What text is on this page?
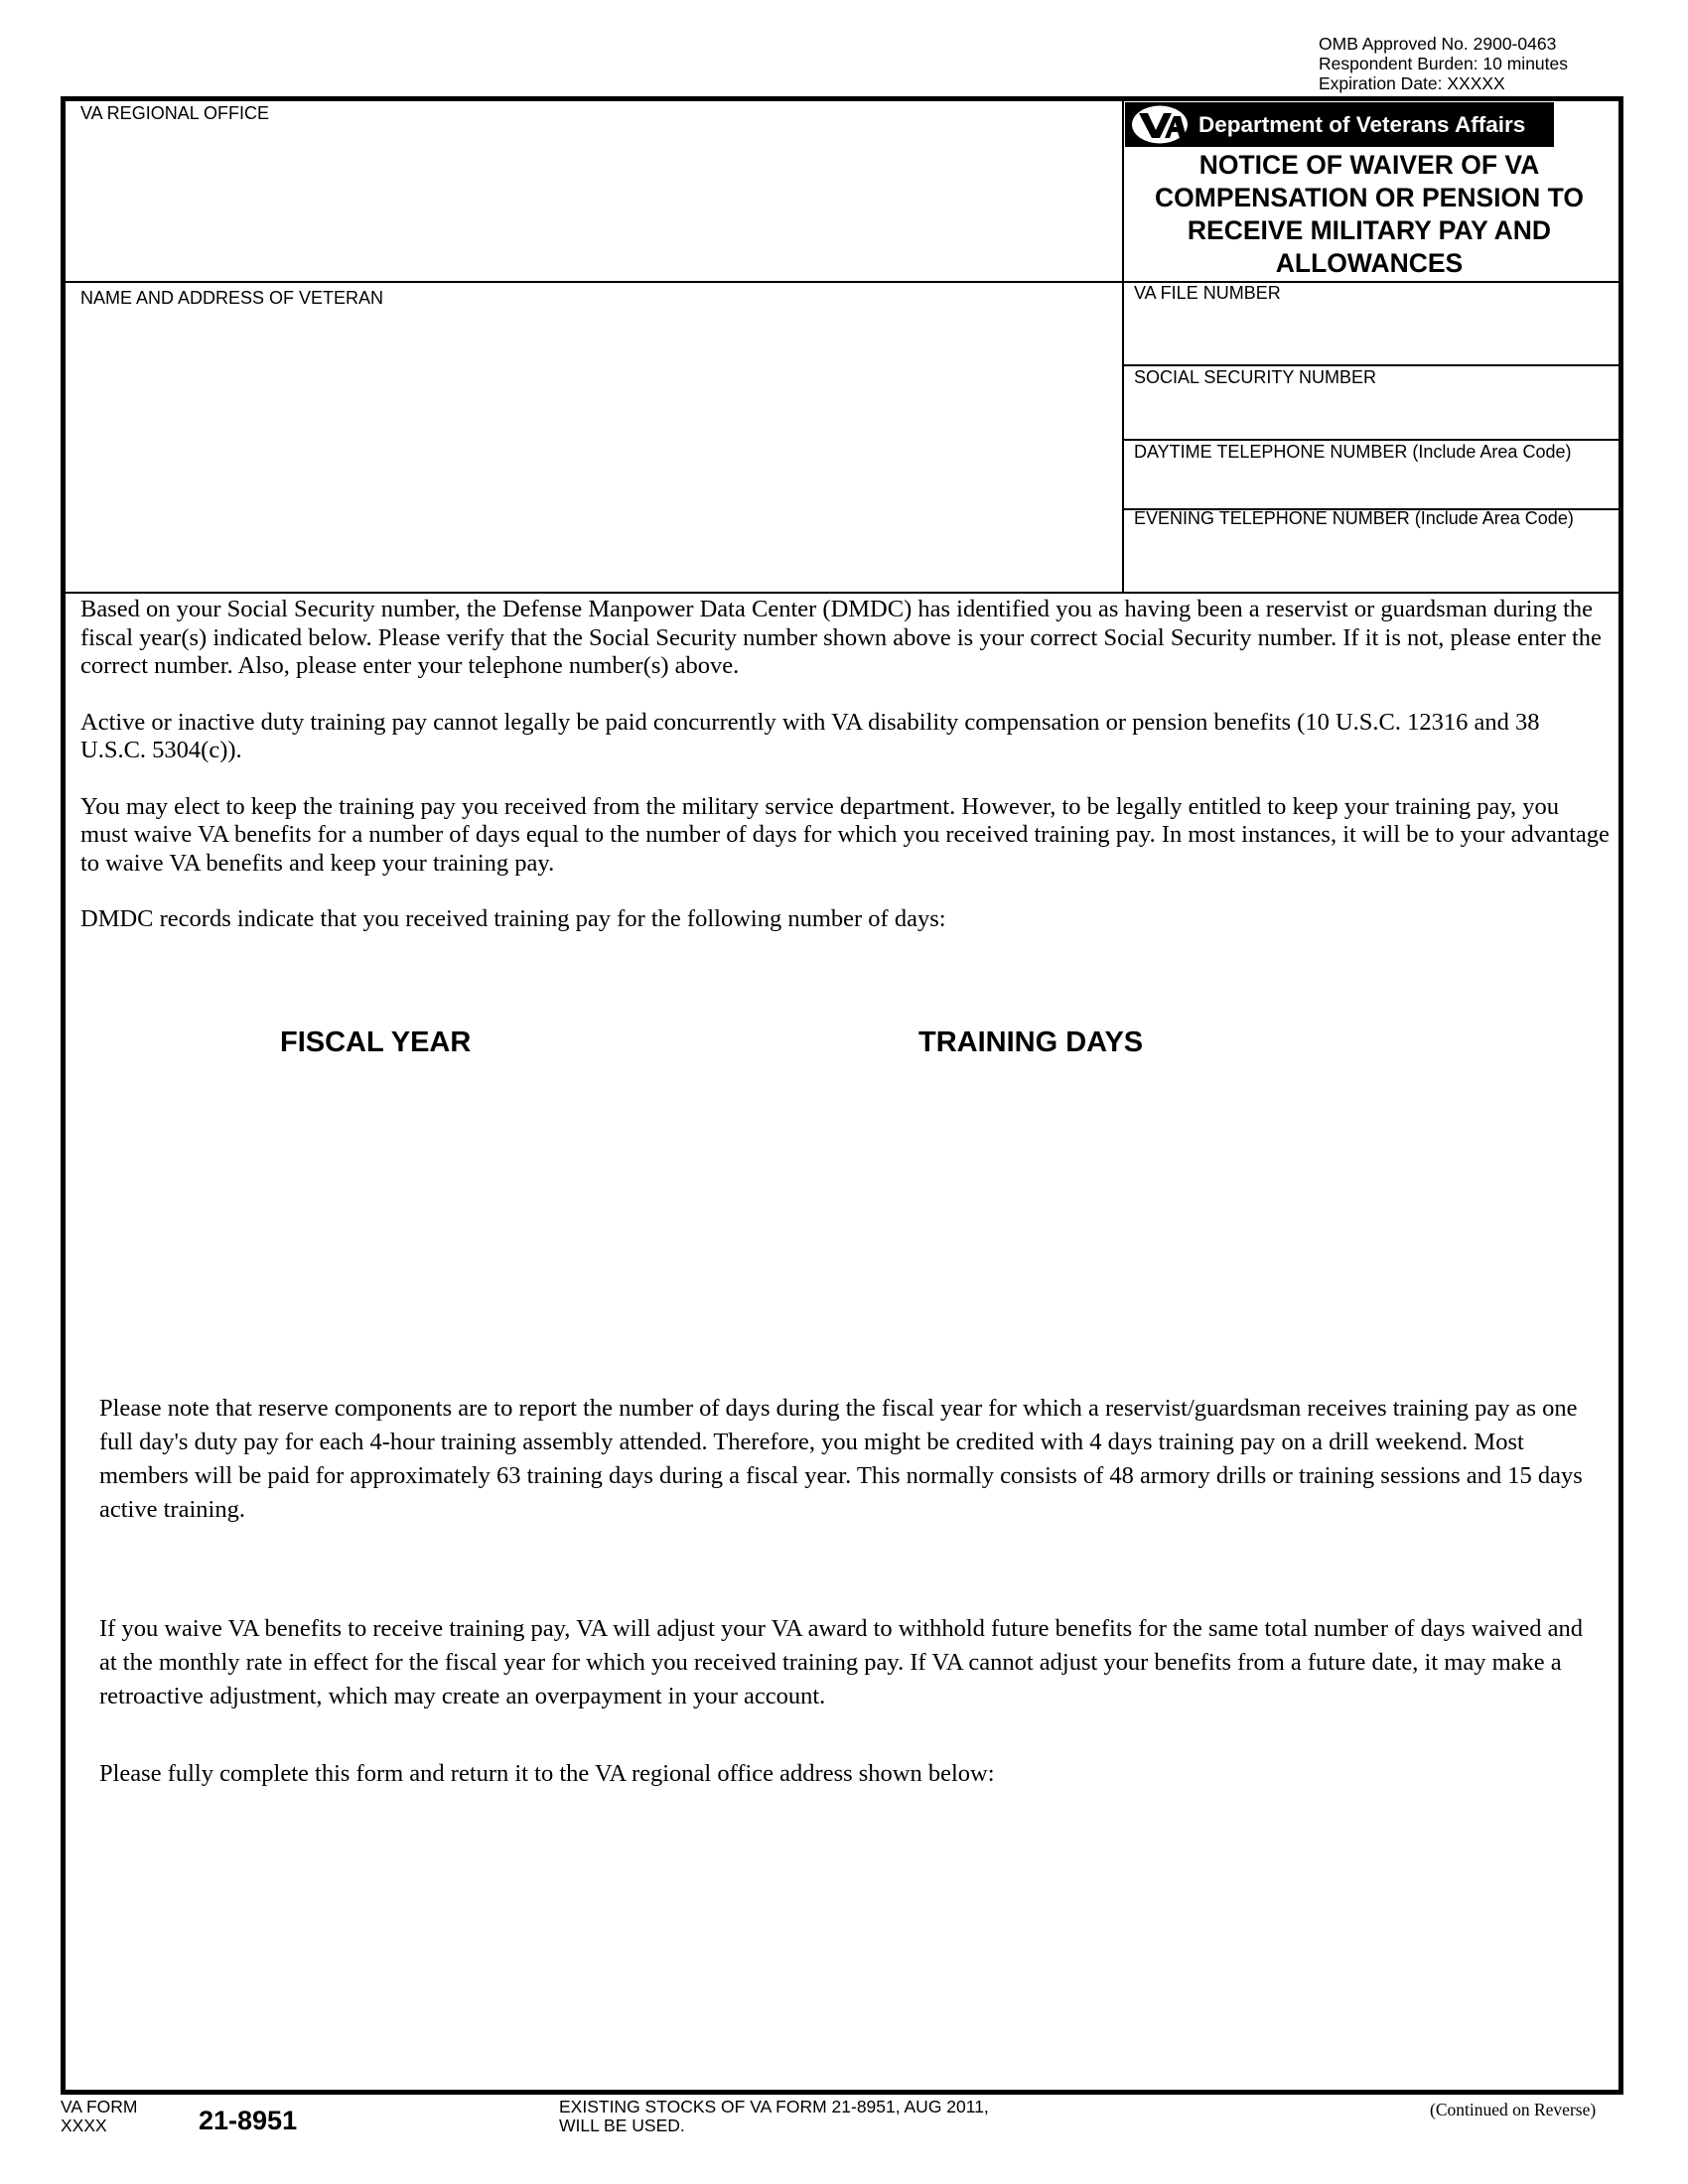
OMB Approved No. 2900-0463
Respondent Burden: 10 minutes
Expiration Date: XXXXX
VA REGIONAL OFFICE
NAME AND ADDRESS OF VETERAN	VA FILE NUMBER
SOCIAL SECURITY NUMBER
DAYTIME TELEPHONE NUMBER (Include Area Code)
EVENING TELEPHONE NUMBER (Include Area Code)
Department of Veterans Affairs
NOTICE OF WAIVER OF VA COMPENSATION OR PENSION TO RECEIVE MILITARY PAY AND ALLOWANCES

Based on your Social Security number, the Defense Manpower Data Center (DMDC) has identified you as having been a reservist or guardsman during the fiscal year(s) indicated below. Please verify that the Social Security number shown above is your correct Social Security number. If it is not, please enter the correct number. Also, please enter your telephone number(s) above.

Active or inactive duty training pay cannot legally be paid concurrently with VA disability compensation or pension benefits (10 U.S.C. 12316 and 38 U.S.C. 5304(c)).

You may elect to keep the training pay you received from the military service department. However, to be legally entitled to keep your training pay, you must waive VA benefits for a number of days equal to the number of days for which you received training pay. In most instances, it will be to your advantage to waive VA benefits and keep your training pay.

DMDC records indicate that you received training pay for the following number of days:

FISCAL YEAR	TRAINING DAYS
Please note that reserve components are to report the number of days during the fiscal year for which a reservist/guardsman receives training pay as one full day's duty pay for each 4-hour training assembly attended. Therefore, you might be credited with 4 days training pay on a drill weekend. Most members will be paid for approximately 63 training days during a fiscal year. This normally consists of 48 armory drills or training sessions and 15 days active training.
If you waive VA benefits to receive training pay, VA will adjust your VA award to withhold future benefits for the same total number of days waived and at the monthly rate in effect for the fiscal year for which you received training pay. If VA cannot adjust your benefits from a future date, it may make a retroactive adjustment, which may create an overpayment in your account.
Please fully complete this form and return it to the VA regional office address shown below:
VA FORM
XXXX	21-8951	EXISTING STOCKS OF VA FORM 21-8951, AUG 2011,
WILL BE USED.
(Continued on Reverse)
